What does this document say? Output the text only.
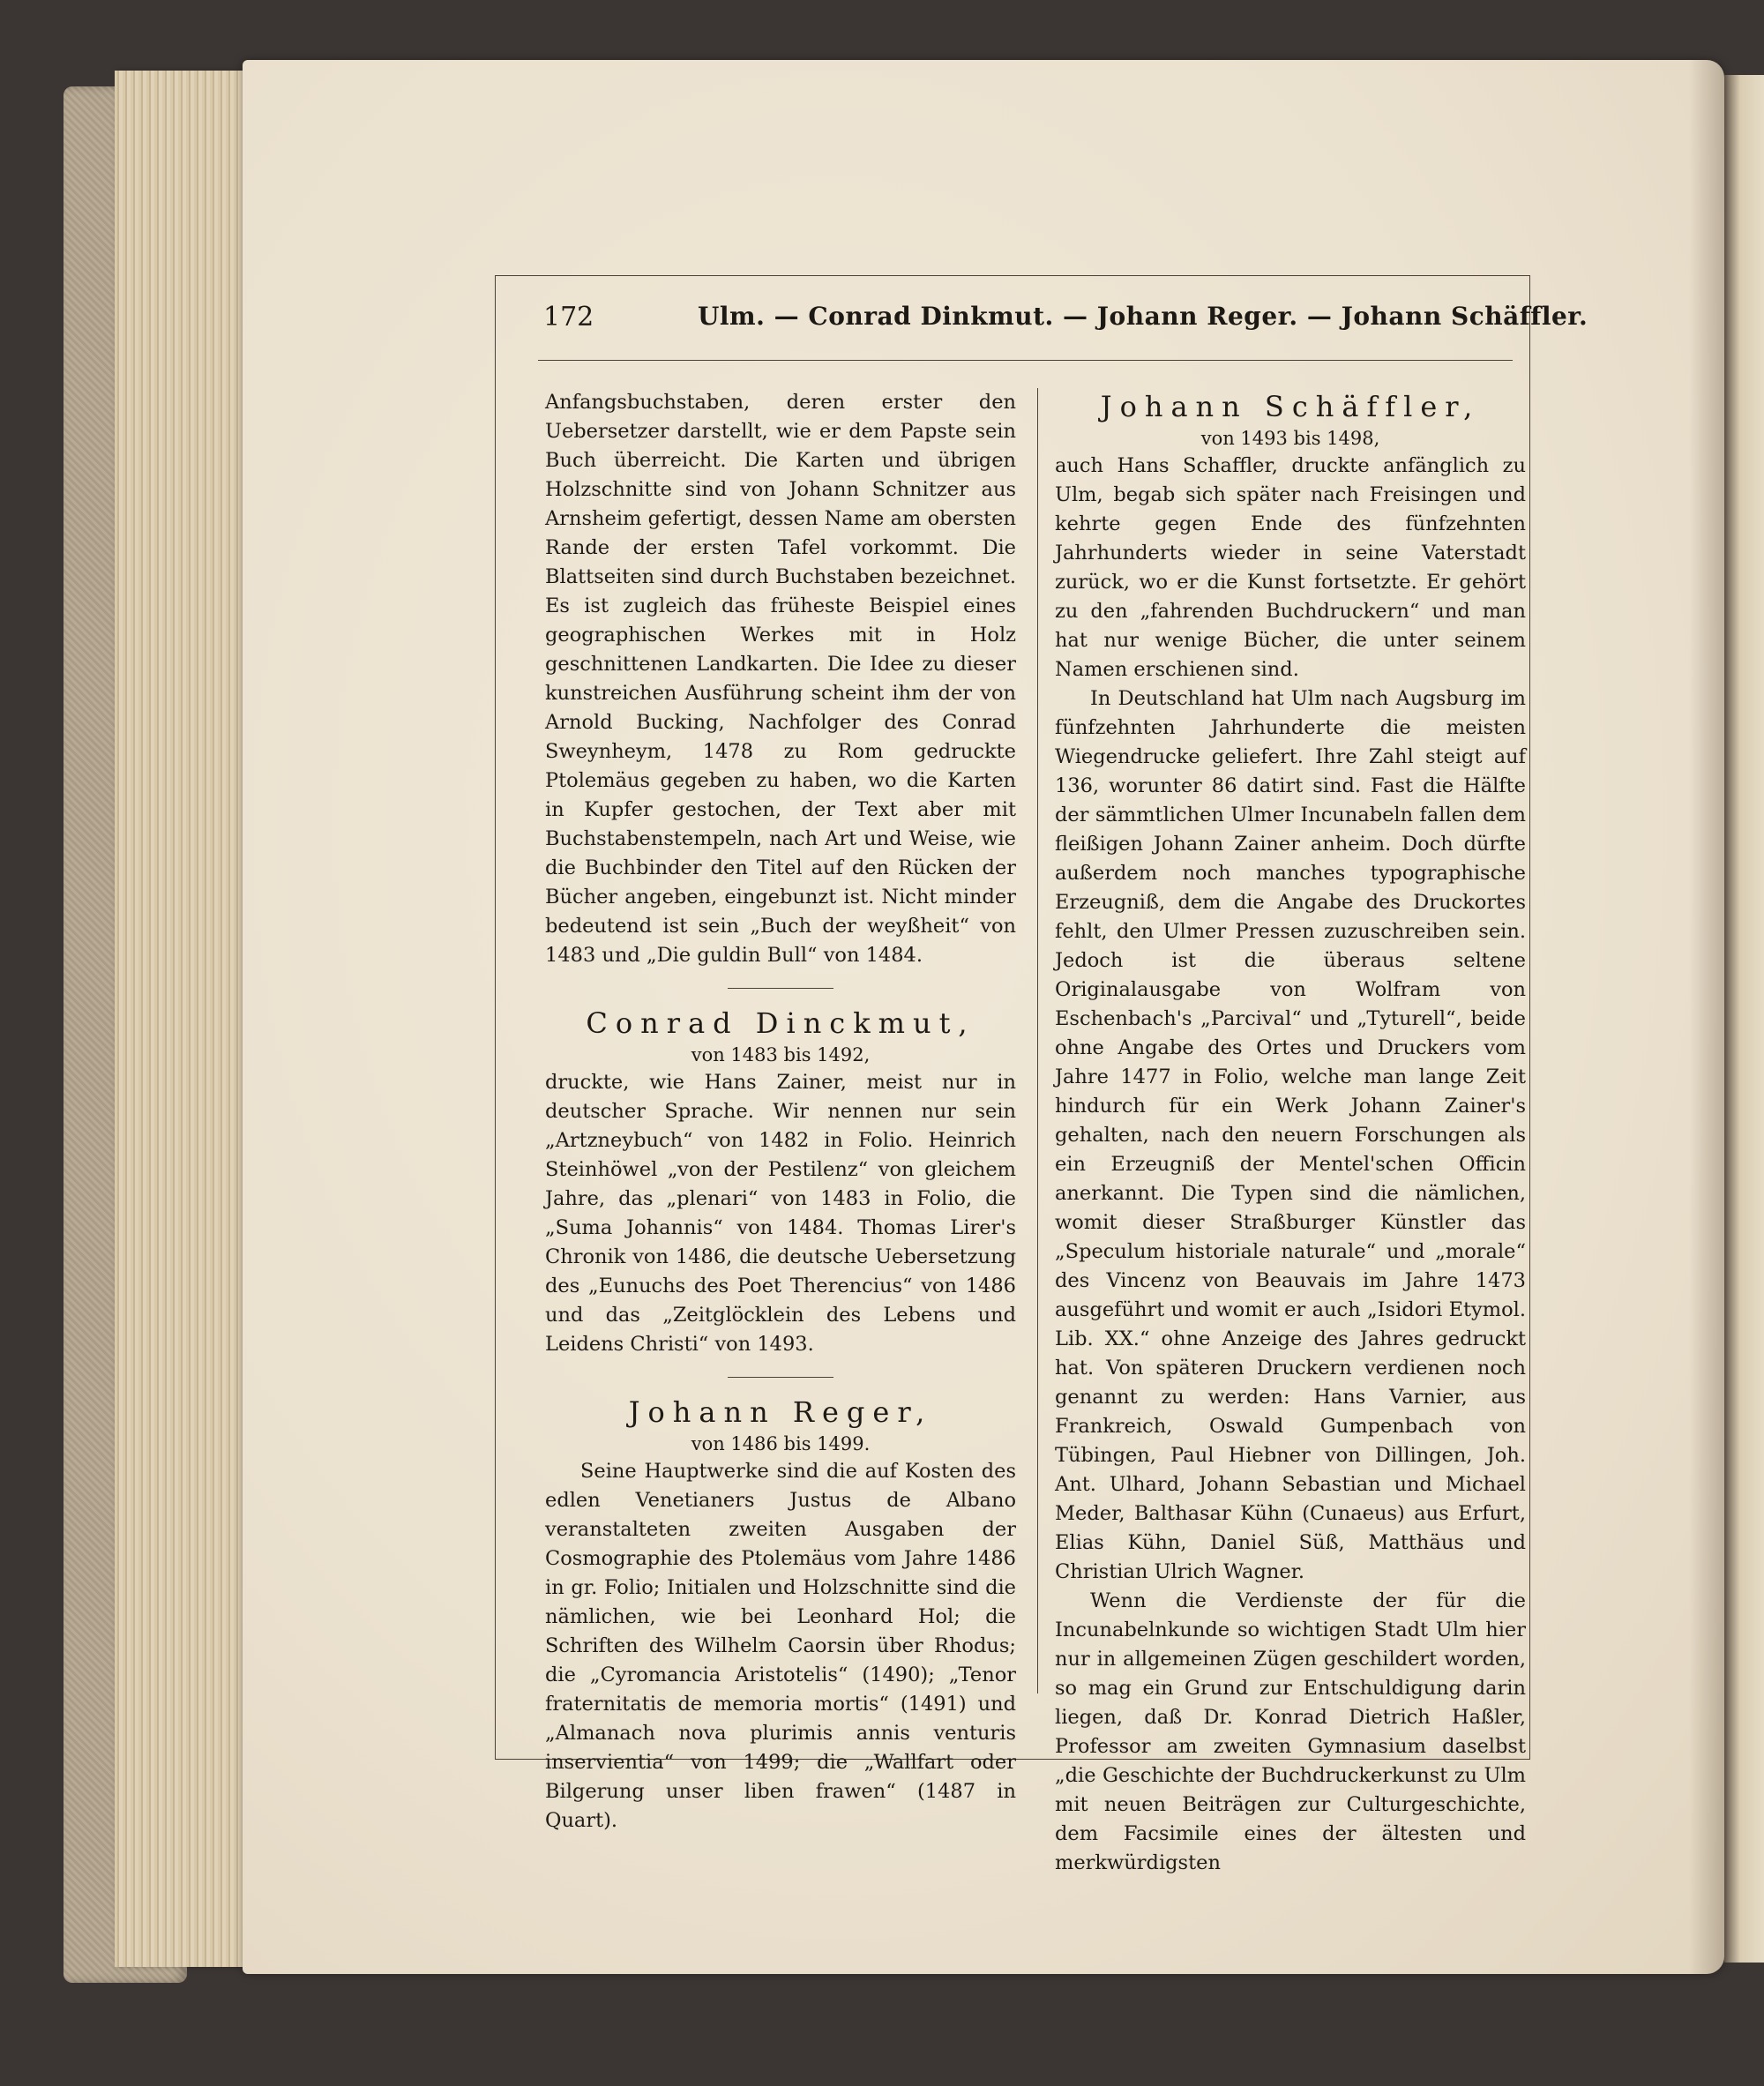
172	Ulm. — Conrad Dinkmut. — Johann Reger. — Johann Schäffler.

Anfangsbuchstaben, deren erster den Uebersetzer darstellt, wie er dem Papste sein Buch überreicht. Die Karten und übrigen Holzschnitte sind von Johann Schnitzer aus Arnsheim gefertigt, dessen Name am obersten Rande der ersten Tafel vorkommt. Die Blattseiten sind durch Buchstaben bezeichnet. Es ist zugleich das früheste Beispiel eines geographischen Werkes mit in Holz geschnittenen Landkarten. Die Idee zu dieser kunstreichen Ausführung scheint ihm der von Arnold Bucking, Nachfolger des Conrad Sweynheym, 1478 zu Rom gedruckte Ptolemäus gegeben zu haben, wo die Karten in Kupfer gestochen, der Text aber mit Buchstabenstempeln, nach Art und Weise, wie die Buchbinder den Titel auf den Rücken der Bücher angeben, eingebunzt ist. Nicht minder bedeutend ist sein „Buch der weyßheit“ von 1483 und „Die guldin Bull“ von 1484.

Conrad Dinckmut,

von 1483 bis 1492,

druckte, wie Hans Zainer, meist nur in deutscher Sprache. Wir nennen nur sein „Artzneybuch“ von 1482 in Folio. Heinrich Steinhöwel „von der Pestilenz“ von gleichem Jahre, das „plenari“ von 1483 in Folio, die „Suma Johannis“ von 1484. Thomas Lirer's Chronik von 1486, die deutsche Uebersetzung des „Eunuchs des Poet Therencius“ von 1486 und das „Zeitglöcklein des Lebens und Leidens Christi“ von 1493.

Johann Reger,

von 1486 bis 1499.

Seine Hauptwerke sind die auf Kosten des edlen Venetianers Justus de Albano veranstalteten zweiten Ausgaben der Cosmographie des Ptolemäus vom Jahre 1486 in gr. Folio; Initialen und Holzschnitte sind die nämlichen, wie bei Leonhard Hol; die Schriften des Wilhelm Caorsin über Rhodus; die „Cyromancia Aristotelis“ (1490); „Tenor fraternitatis de memoria mortis“ (1491) und „Almanach nova plurimis annis venturis inservientia“ von 1499; die „Wallfart oder Bilgerung unser liben frawen“ (1487 in Quart).

Johann Schäffler,

von 1493 bis 1498,

auch Hans Schaffler, druckte anfänglich zu Ulm, begab sich später nach Freisingen und kehrte gegen Ende des fünfzehnten Jahrhunderts wieder in seine Vaterstadt zurück, wo er die Kunst fortsetzte. Er gehört zu den „fahrenden Buchdruckern“ und man hat nur wenige Bücher, die unter seinem Namen erschienen sind.

In Deutschland hat Ulm nach Augsburg im fünfzehnten Jahrhunderte die meisten Wiegendrucke geliefert. Ihre Zahl steigt auf 136, worunter 86 datirt sind. Fast die Hälfte der sämmtlichen Ulmer Incunabeln fallen dem fleißigen Johann Zainer anheim. Doch dürfte außerdem noch manches typographische Erzeugniß, dem die Angabe des Druckortes fehlt, den Ulmer Pressen zuzuschreiben sein. Jedoch ist die überaus seltene Originalausgabe von Wolfram von Eschenbach's „Parcival“ und „Tyturell“, beide ohne Angabe des Ortes und Druckers vom Jahre 1477 in Folio, welche man lange Zeit hindurch für ein Werk Johann Zainer's gehalten, nach den neuern Forschungen als ein Erzeugniß der Mentel'schen Officin anerkannt. Die Typen sind die nämlichen, womit dieser Straßburger Künstler das „Speculum historiale naturale“ und „morale“ des Vincenz von Beauvais im Jahre 1473 ausgeführt und womit er auch „Isidori Etymol. Lib. XX.“ ohne Anzeige des Jahres gedruckt hat. Von späteren Druckern verdienen noch genannt zu werden: Hans Varnier, aus Frankreich, Oswald Gumpenbach von Tübingen, Paul Hiebner von Dillingen, Joh. Ant. Ulhard, Johann Sebastian und Michael Meder, Balthasar Kühn (Cunaeus) aus Erfurt, Elias Kühn, Daniel Süß, Matthäus und Christian Ulrich Wagner.

Wenn die Verdienste der für die Incunabelnkunde so wichtigen Stadt Ulm hier nur in allgemeinen Zügen geschildert worden, so mag ein Grund zur Entschuldigung darin liegen, daß Dr. Konrad Dietrich Haßler, Professor am zweiten Gymnasium daselbst „die Geschichte der Buchdruckerkunst zu Ulm mit neuen Beiträgen zur Culturgeschichte, dem Facsimile eines der ältesten und merkwürdigsten
